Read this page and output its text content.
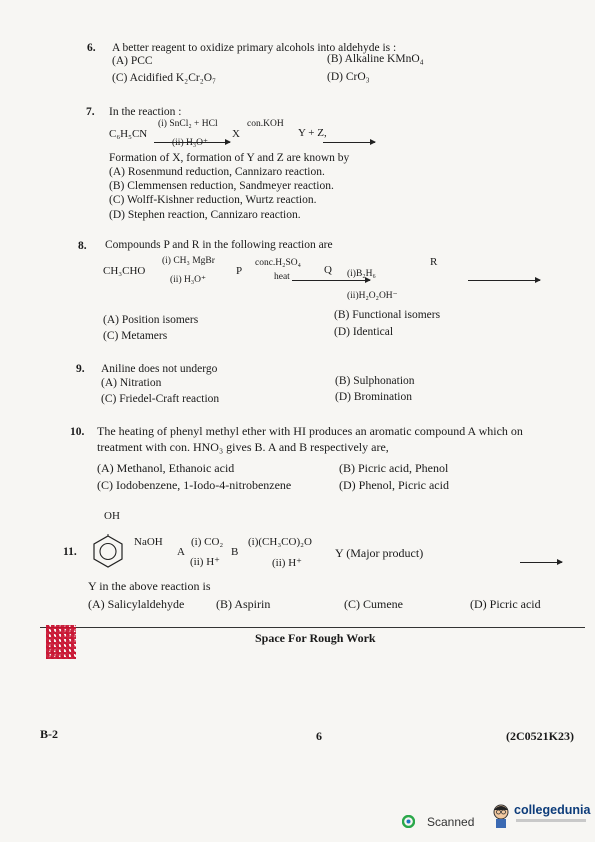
6. A better reagent to oxidize primary alcohols into aldehyde is :
(A) PCC	(B) Alkaline KMnO₄
(C) Acidified K₂Cr₂O₇	(D) CrO₃
7. In the reaction :
C₆H₅CN
(i) SnCl₂ + HCl

(ii) H₃O⁺
X
con.KOH

Y + Z,
Formation of X, formation of Y and Z are known by
(A) Rosenmund reduction, Cannizaro reaction.
(B) Clemmensen reduction, Sandmeyer reaction.
(C) Wolff-Kishner reduction, Wurtz reaction.
(D) Stephen reaction, Cannizaro reaction.
8. Compounds P and R in the following reaction are
CH₃CHO
(i) CH₃ MgBr

(ii) H₃O⁺
P
conc.H₂SO₄

heat
Q
(i)B₂H₆
(ii)H₂O₂OH⁻
R
(A) Position isomers	(B) Functional isomers
(C) Metamers	(D) Identical
9. Aniline does not undergo
(A) Nitration	(B) Sulphonation
(C) Friedel-Craft reaction	(D) Bromination
10. The heating of phenyl methyl ether with HI produces an aromatic compound A which on
treatment with con. HNO₃ gives B. A and B respectively are,
(A) Methanol, Ethanoic acid	(B) Picric acid, Phenol
(C) Iodobenzene, 1-Iodo-4-nitrobenzene	(D) Phenol, Picric acid
11.
OH
NaOH

A
(i) CO₂

(ii) H⁺
B
(i)(CH₃CO)₂O
(ii) H⁺
Y (Major product)
Y in the above reaction is
(A) Salicylaldehyde	(B) Aspirin	(C) Cumene	(D) Picric acid
Space For Rough Work
B-2	6	(2C0521K23)
Scanned
collegedunia
